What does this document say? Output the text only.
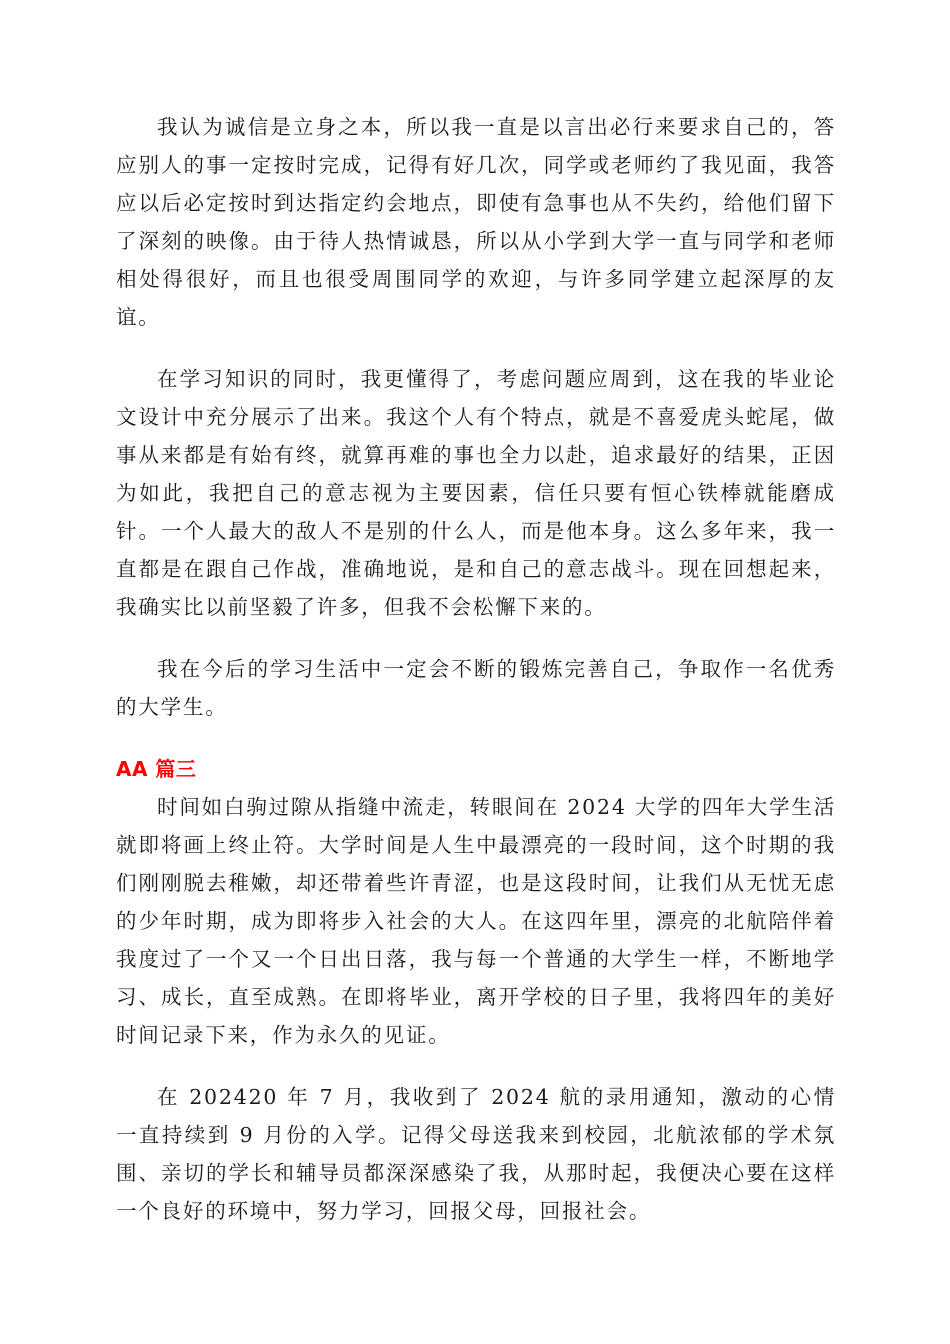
我认为诚信是立身之本，所以我一直是以言出必行来要求自己的，答应别人的事一定按时完成，记得有好几次，同学或老师约了我见面，我答应以后必定按时到达指定约会地点，即使有急事也从不失约，给他们留下了深刻的映像。由于待人热情诚恳，所以从小学到大学一直与同学和老师相处得很好，而且也很受周围同学的欢迎，与许多同学建立起深厚的友谊。

在学习知识的同时，我更懂得了，考虑问题应周到，这在我的毕业论文设计中充分展示了出来。我这个人有个特点，就是不喜爱虎头蛇尾，做事从来都是有始有终，就算再难的事也全力以赴，追求最好的结果，正因为如此，我把自己的意志视为主要因素，信任只要有恒心铁棒就能磨成针。一个人最大的敌人不是别的什么人，而是他本身。这么多年来，我一直都是在跟自己作战，准确地说，是和自己的意志战斗。现在回想起来，我确实比以前坚毅了许多，但我不会松懈下来的。

我在今后的学习生活中一定会不断的锻炼完善自己，争取作一名优秀的大学生。

AA 篇三

时间如白驹过隙从指缝中流走，转眼间在 2024 大学的四年大学生活就即将画上终止符。大学时间是人生中最漂亮的一段时间，这个时期的我们刚刚脱去稚嫩，却还带着些许青涩，也是这段时间，让我们从无忧无虑的少年时期，成为即将步入社会的大人。在这四年里，漂亮的北航陪伴着我度过了一个又一个日出日落，我与每一个普通的大学生一样，不断地学习、成长，直至成熟。在即将毕业，离开学校的日子里，我将四年的美好时间记录下来，作为永久的见证。

在 202420 年 7 月，我收到了 2024 航的录用通知，激动的心情一直持续到 9 月份的入学。记得父母送我来到校园，北航浓郁的学术氛围、亲切的学长和辅导员都深深感染了我，从那时起，我便决心要在这样一个良好的环境中，努力学习，回报父母，回报社会。
